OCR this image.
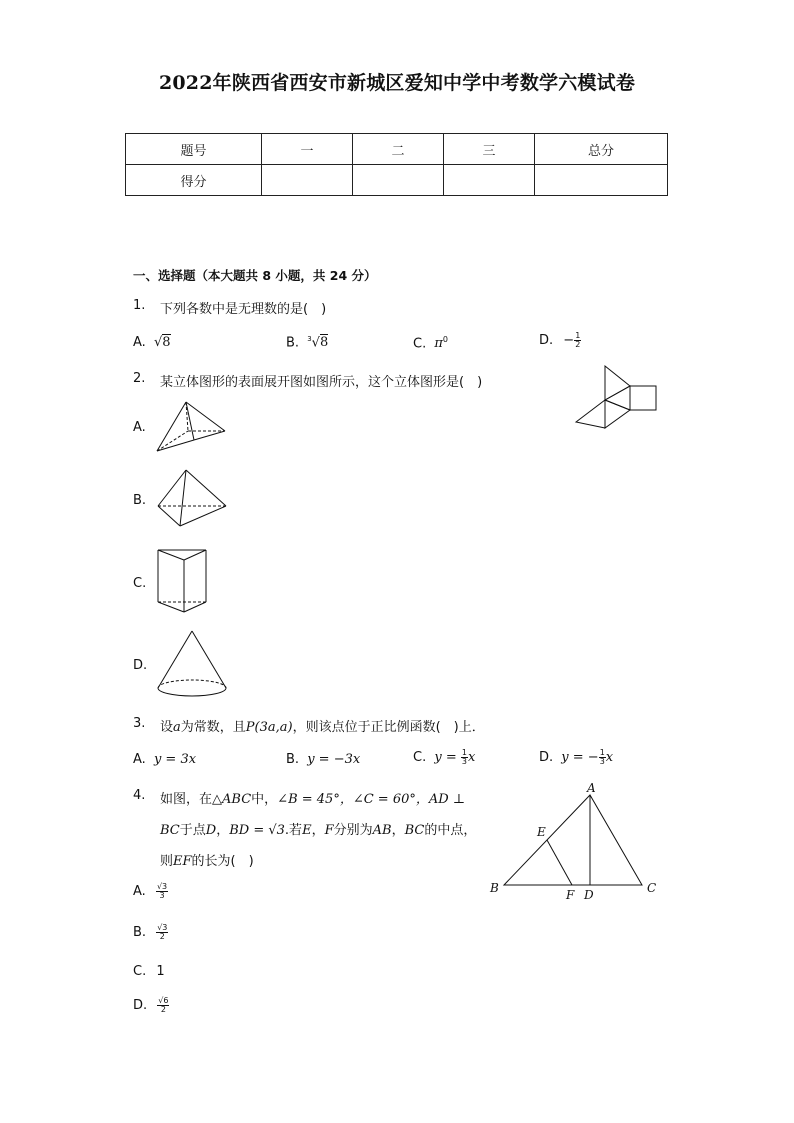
2022年陕西省西安市新城区爱知中学中考数学六模试卷
题号	一	二	三	总分
得分				
一、选择题（本大题共 8 小题，共 24 分）
1. 下列各数中是无理数的是(　)
A. √8	B. $^3$√8	C. $\pi^0$	D. − $\frac{1}{2}$
2. 某立体图形的表面展开图如图所示，这个立体图形是(　)
A.
B.
C.
D.
3. 设a为常数，且P(3a,a)，则该点位于正比例函数(　)上．
A. y = 3x	B. y = −3x	C. $y = \frac{1}{3}$ x	D. y = − $\frac{1}{3}$ x
4. 如图，在△ABC中，∠B = 45°，∠C = 60°，AD ⊥
BC于点D，BD = √3.若E，F分别为AB，BC的中点，
则EF的长为(　)
A
B	C
D
E
F
A. $\frac{√3}{3}$
B. $\frac{√3}{2}$
C. 1
D. $\frac{√6}{2}$
